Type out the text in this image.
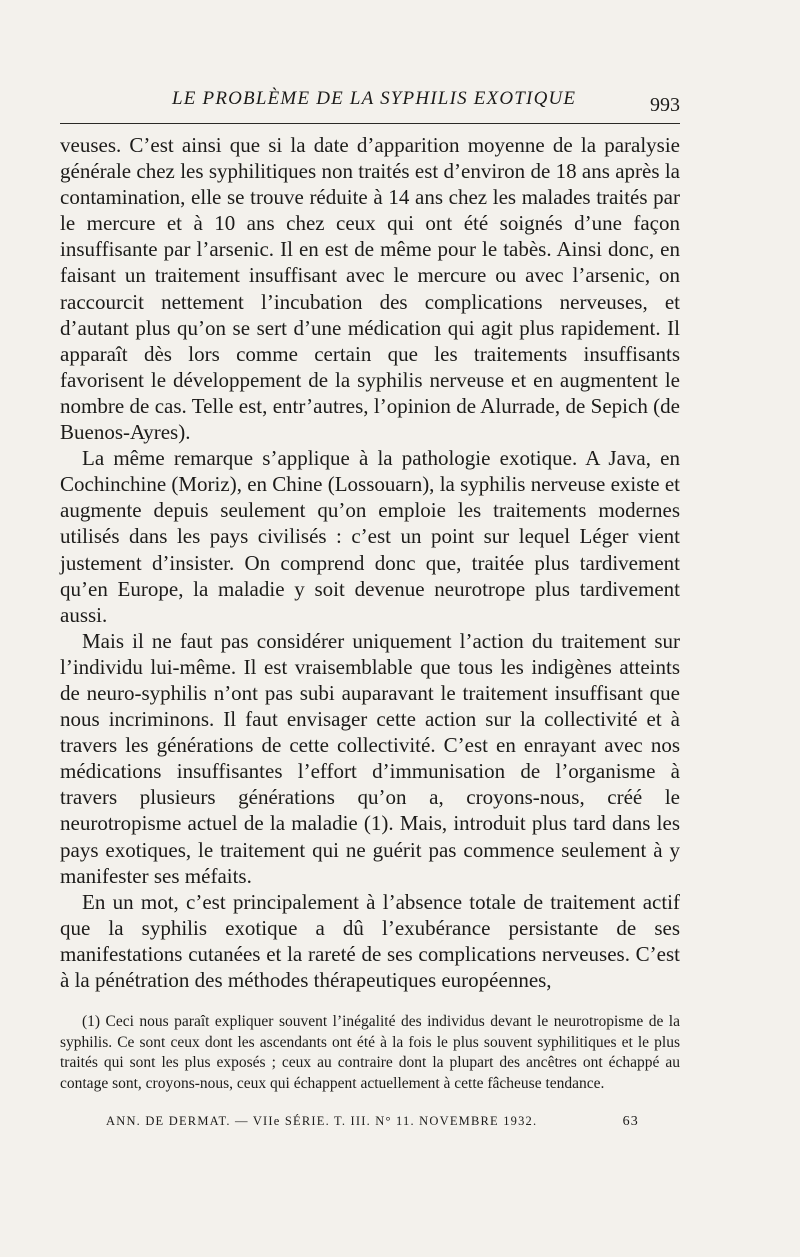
LE PROBLÈME DE LA SYPHILIS EXOTIQUE	993

veuses. C’est ainsi que si la date d’apparition moyenne de la paralysie générale chez les syphilitiques non traités est d’environ de 18 ans après la contamination, elle se trouve réduite à 14 ans chez les malades traités par le mercure et à 10 ans chez ceux qui ont été soignés d’une façon insuffisante par l’arsenic. Il en est de même pour le tabès. Ainsi donc, en faisant un traitement insuffisant avec le mercure ou avec l’arsenic, on raccourcit nettement l’incubation des complications nerveuses, et d’autant plus qu’on se sert d’une médication qui agit plus rapidement. Il apparaît dès lors comme certain que les traitements insuffisants favorisent le développement de la syphilis nerveuse et en augmentent le nombre de cas. Telle est, entr’autres, l’opinion de Alurrade, de Sepich (de Buenos-Ayres).

La même remarque s’applique à la pathologie exotique. A Java, en Cochinchine (Moriz), en Chine (Lossouarn), la syphilis nerveuse existe et augmente depuis seulement qu’on emploie les traitements modernes utilisés dans les pays civilisés : c’est un point sur lequel Léger vient justement d’insister. On comprend donc que, traitée plus tardivement qu’en Europe, la maladie y soit devenue neurotrope plus tardivement aussi.

Mais il ne faut pas considérer uniquement l’action du traitement sur l’individu lui-même. Il est vraisemblable que tous les indigènes atteints de neuro-syphilis n’ont pas subi auparavant le traitement insuffisant que nous incriminons. Il faut envisager cette action sur la collectivité et à travers les générations de cette collectivité. C’est en enrayant avec nos médications insuffisantes l’effort d’immunisation de l’organisme à travers plusieurs générations qu’on a, croyons-nous, créé le neurotropisme actuel de la maladie (1). Mais, introduit plus tard dans les pays exotiques, le traitement qui ne guérit pas commence seulement à y manifester ses méfaits.

En un mot, c’est principalement à l’absence totale de traitement actif que la syphilis exotique a dû l’exubérance persistante de ses manifestations cutanées et la rareté de ses complications nerveuses. C’est à la pénétration des méthodes thérapeutiques européennes,

(1) Ceci nous paraît expliquer souvent l’inégalité des individus devant le neurotropisme de la syphilis. Ce sont ceux dont les ascendants ont été à la fois le plus souvent syphilitiques et le plus traités qui sont les plus exposés ; ceux au contraire dont la plupart des ancêtres ont échappé au contage sont, croyons-nous, ceux qui échappent actuellement à cette fâcheuse tendance.

ANN. DE DERMAT. — VIIe SÉRIE. T. III. N° 11. NOVEMBRE 1932.	63
